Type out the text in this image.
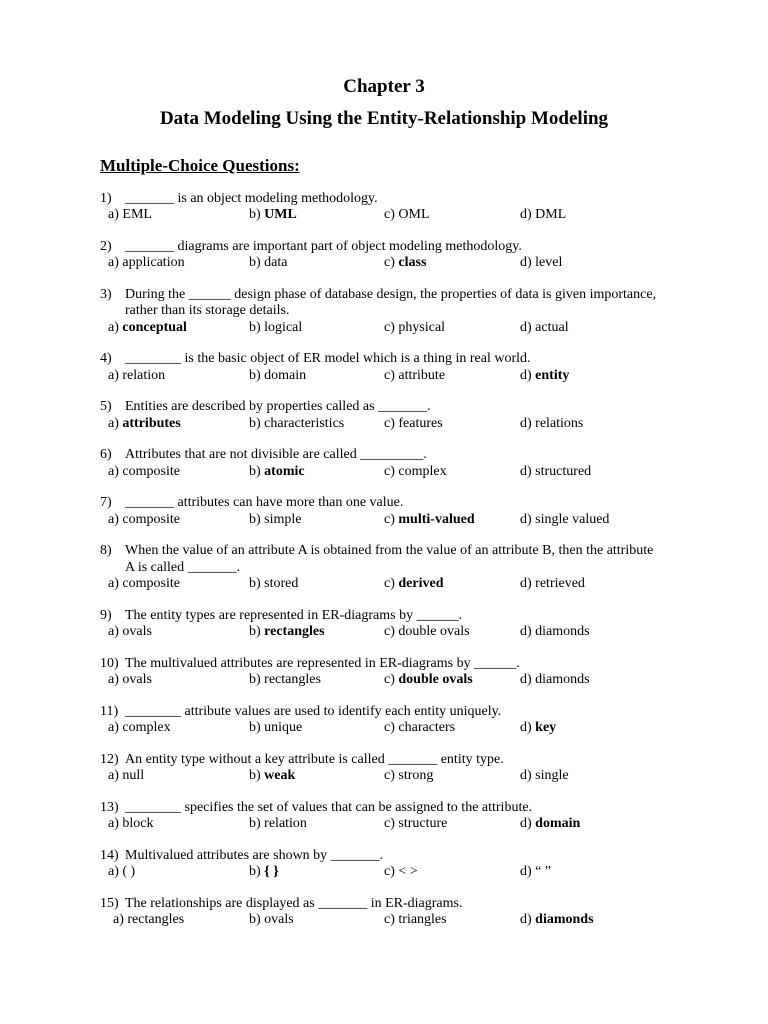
Chapter 3
Data Modeling Using the Entity-Relationship Modeling
Multiple-Choice Questions:
1) _______ is an object modeling methodology.
a) EML	b) UML	c) OML	d) DML
2) _______ diagrams are important part of object modeling methodology.
a) application	b) data	c) class	d) level
3) During the ______ design phase of database design, the properties of data is given importance,
rather than its storage details.
a) conceptual	b) logical	c) physical	d) actual
4) ________ is the basic object of ER model which is a thing in real world.
a) relation	b) domain	c) attribute	d) entity
5) Entities are described by properties called as _______.
a) attributes	b) characteristics	c) features	d) relations
6) Attributes that are not divisible are called _________.
a) composite	b) atomic	c) complex	d) structured
7) _______ attributes can have more than one value.
a) composite	b) simple	c) multi-valued	d) single valued
8) When the value of an attribute A is obtained from the value of an attribute B, then the attribute
A is called _______.
a) composite	b) stored	c) derived	d) retrieved
9) The entity types are represented in ER-diagrams by ______.
a) ovals	b) rectangles	c) double ovals	d) diamonds
10) The multivalued attributes are represented in ER-diagrams by ______.
a) ovals	b) rectangles	c) double ovals	d) diamonds
11) ________ attribute values are used to identify each entity uniquely.
a) complex	b) unique	c) characters	d) key
12) An entity type without a key attribute is called _______ entity type.
a) null	b) weak	c) strong	d) single
13) ________ specifies the set of values that can be assigned to the attribute.
a) block	b) relation	c) structure	d) domain
14) Multivalued attributes are shown by _______.
a) ( )	b) { }	c) < >	d) “ ”
15) The relationships are displayed as _______ in ER-diagrams.
a) rectangles	b) ovals	c) triangles	d) diamonds
